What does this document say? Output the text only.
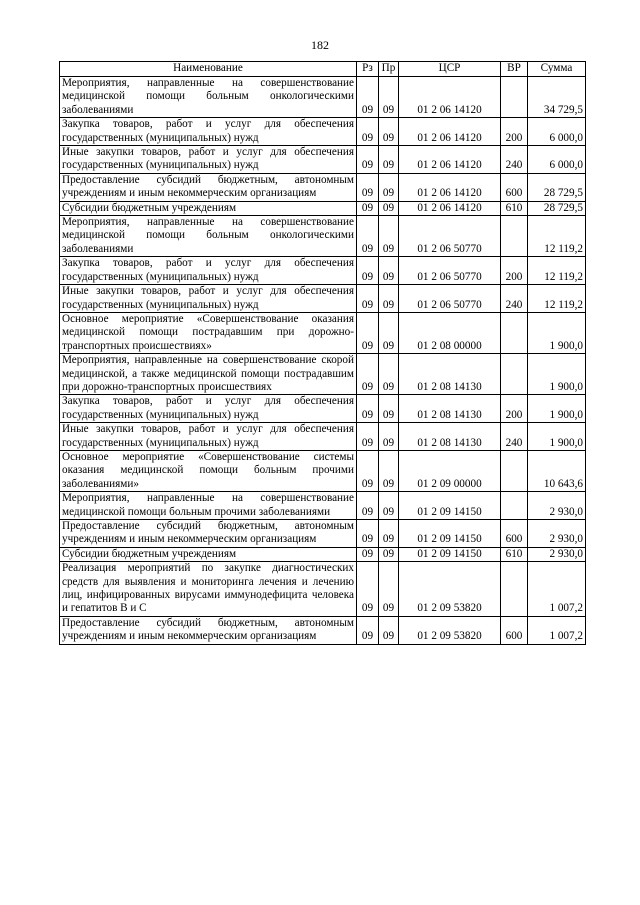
182
Наименование	Рз	Пр	ЦСР	ВР	Сумма
Мероприятия, направленные на совершенствование медицинской помощи больным онкологическими заболеваниями	09	09	01 2 06 14120		34 729,5
Закупка товаров, работ и услуг для обеспечения государственных (муниципальных) нужд	09	09	01 2 06 14120	200	6 000,0
Иные закупки товаров, работ и услуг для обеспечения государственных (муниципальных) нужд	09	09	01 2 06 14120	240	6 000,0
Предоставление субсидий бюджетным, автономным учреждениям и иным некоммерческим организациям	09	09	01 2 06 14120	600	28 729,5
Субсидии бюджетным учреждениям	09	09	01 2 06 14120	610	28 729,5
Мероприятия, направленные на совершенствование медицинской помощи больным онкологическими заболеваниями	09	09	01 2 06 50770		12 119,2
Закупка товаров, работ и услуг для обеспечения государственных (муниципальных) нужд	09	09	01 2 06 50770	200	12 119,2
Иные закупки товаров, работ и услуг для обеспечения государственных (муниципальных) нужд	09	09	01 2 06 50770	240	12 119,2
Основное мероприятие «Совершенствование оказания медицинской помощи пострадавшим при дорожно-транспортных происшествиях»	09	09	01 2 08 00000		1 900,0
Мероприятия, направленные на совершенствование скорой медицинской, а также медицинской помощи пострадавшим при дорожно-транспортных происшествиях	09	09	01 2 08 14130		1 900,0
Закупка товаров, работ и услуг для обеспечения государственных (муниципальных) нужд	09	09	01 2 08 14130	200	1 900,0
Иные закупки товаров, работ и услуг для обеспечения государственных (муниципальных) нужд	09	09	01 2 08 14130	240	1 900,0
Основное мероприятие «Совершенствование системы оказания медицинской помощи больным прочими заболеваниями»	09	09	01 2 09 00000		10 643,6
Мероприятия, направленные на совершенствование медицинской помощи больным прочими заболеваниями	09	09	01 2 09 14150		2 930,0
Предоставление субсидий бюджетным, автономным учреждениям и иным некоммерческим организациям	09	09	01 2 09 14150	600	2 930,0
Субсидии бюджетным учреждениям	09	09	01 2 09 14150	610	2 930,0
Реализация мероприятий по закупке диагностических средств для выявления и мониторинга лечения и лечению лиц, инфицированных вирусами иммунодефицита человека и гепатитов В и С	09	09	01 2 09 53820		1 007,2
Предоставление субсидий бюджетным, автономным учреждениям и иным некоммерческим организациям	09	09	01 2 09 53820	600	1 007,2
